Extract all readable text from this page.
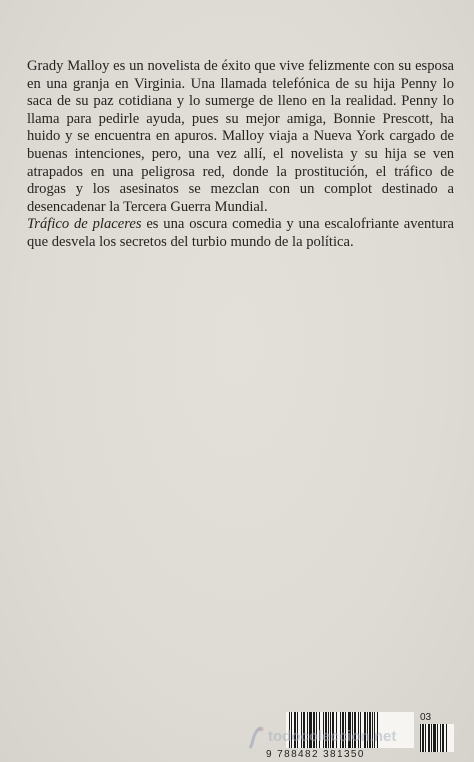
Grady Malloy es un novelista de éxito que vive felizmente con su esposa en una granja en Virginia. Una llamada telefónica de su hija Penny lo saca de su paz cotidiana y lo sumerge de lleno en la realidad. Penny lo llama para pedirle ayuda, pues su mejor amiga, Bonnie Prescott, ha huido y se encuentra en apuros. Malloy viaja a Nueva York cargado de buenas intenciones, pero, una vez allí, el novelista y su hija se ven atrapados en una peligrosa red, donde la prostitución, el tráfico de drogas y los asesinatos se mezclan con un complot destinado a desencadenar la Tercera Guerra Mundial.

Tráfico de placeres es una oscura comedia y una escalofriante aventura que desvela los secretos del turbio mundo de la política.

03
9 788482 381350
todocoleccion.net
